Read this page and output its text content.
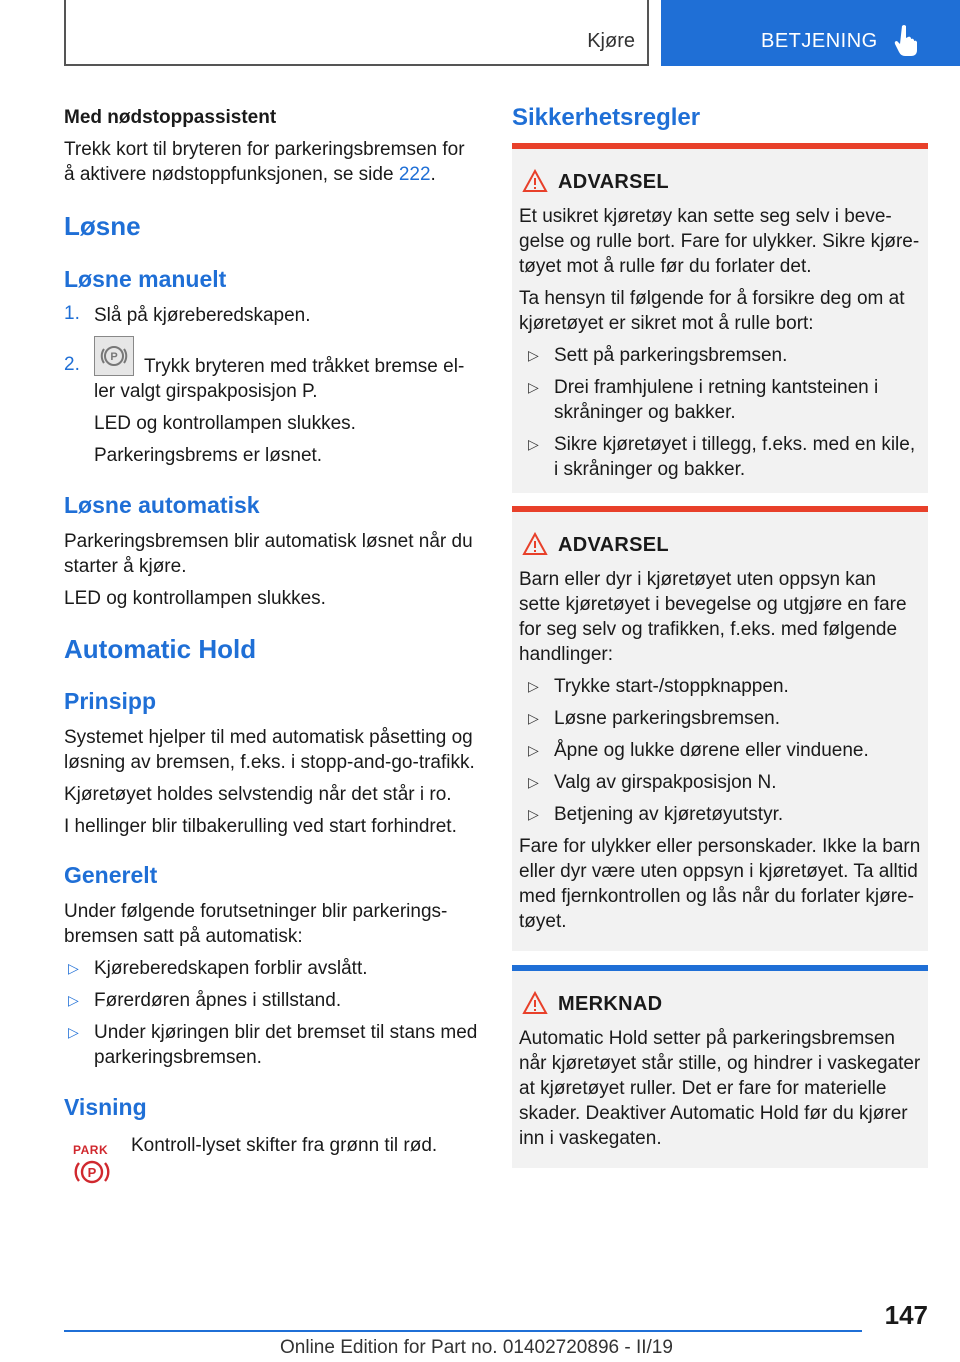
Kjøre	BETJENING
Med nødstoppassistent
Trekk kort til bryteren for parkeringsbremsen for
å aktivere nødstoppfunksjonen, se side 222.
Løsne
Løsne manuelt
1. Slå på kjøreberedskapen.
2.	P Trykk bryteren med tråkket bremse el-
ler valgt girspakposisjon P.
LED og kontrollampen slukkes.
Parkeringsbrems er løsnet.
Løsne automatisk
Parkeringsbremsen blir automatisk løsnet når du
starter å kjøre.
LED og kontrollampen slukkes.
Automatic Hold
Prinsipp
Systemet hjelper til med automatisk påsetting og
løsning av bremsen, f.eks. i stopp-and-go-trafikk.
Kjøretøyet holdes selvstendig når det står i ro.
I hellinger blir tilbakerulling ved start forhindret.
Generelt
Under følgende forutsetninger blir parkerings-
bremsen satt på automatisk:
▷ Kjøreberedskapen forblir avslått.
▷ Førerdøren åpnes i stillstand.
▷ Under kjøringen blir det bremset til stans med
parkeringsbremsen.
Visning
PARK
P
Kontroll-lyset skifter fra grønn til rød.
Sikkerhetsregler
ADVARSEL
Et usikret kjøretøy kan sette seg selv i beve-
gelse og rulle bort. Fare for ulykker. Sikre kjøre-
tøyet mot å rulle før du forlater det.
Ta hensyn til følgende for å forsikre deg om at
kjøretøyet er sikret mot å rulle bort:
▷ Sett på parkeringsbremsen.
▷ Drei framhjulene i retning kantsteinen i
skråninger og bakker.
▷ Sikre kjøretøyet i tillegg, f.eks. med en kile,
i skråninger og bakker.
ADVARSEL
Barn eller dyr i kjøretøyet uten oppsyn kan
sette kjøretøyet i bevegelse og utgjøre en fare
for seg selv og trafikken, f.eks. med følgende
handlinger:
▷ Trykke start-/stoppknappen.
▷ Løsne parkeringsbremsen.
▷ Åpne og lukke dørene eller vinduene.
▷ Valg av girspakposisjon N.
▷ Betjening av kjøretøyutstyr.
Fare for ulykker eller personskader. Ikke la barn
eller dyr være uten oppsyn i kjøretøyet. Ta alltid
med fjernkontrollen og lås når du forlater kjøre-
tøyet.
MERKNAD
Automatic Hold setter på parkeringsbremsen
når kjøretøyet står stille, og hindrer i vaskegater
at kjøretøyet ruller. Det er fare for materielle
skader. Deaktiver Automatic Hold før du kjører
inn i vaskegaten.
147
Online Edition for Part no. 01402720896 - II/19
